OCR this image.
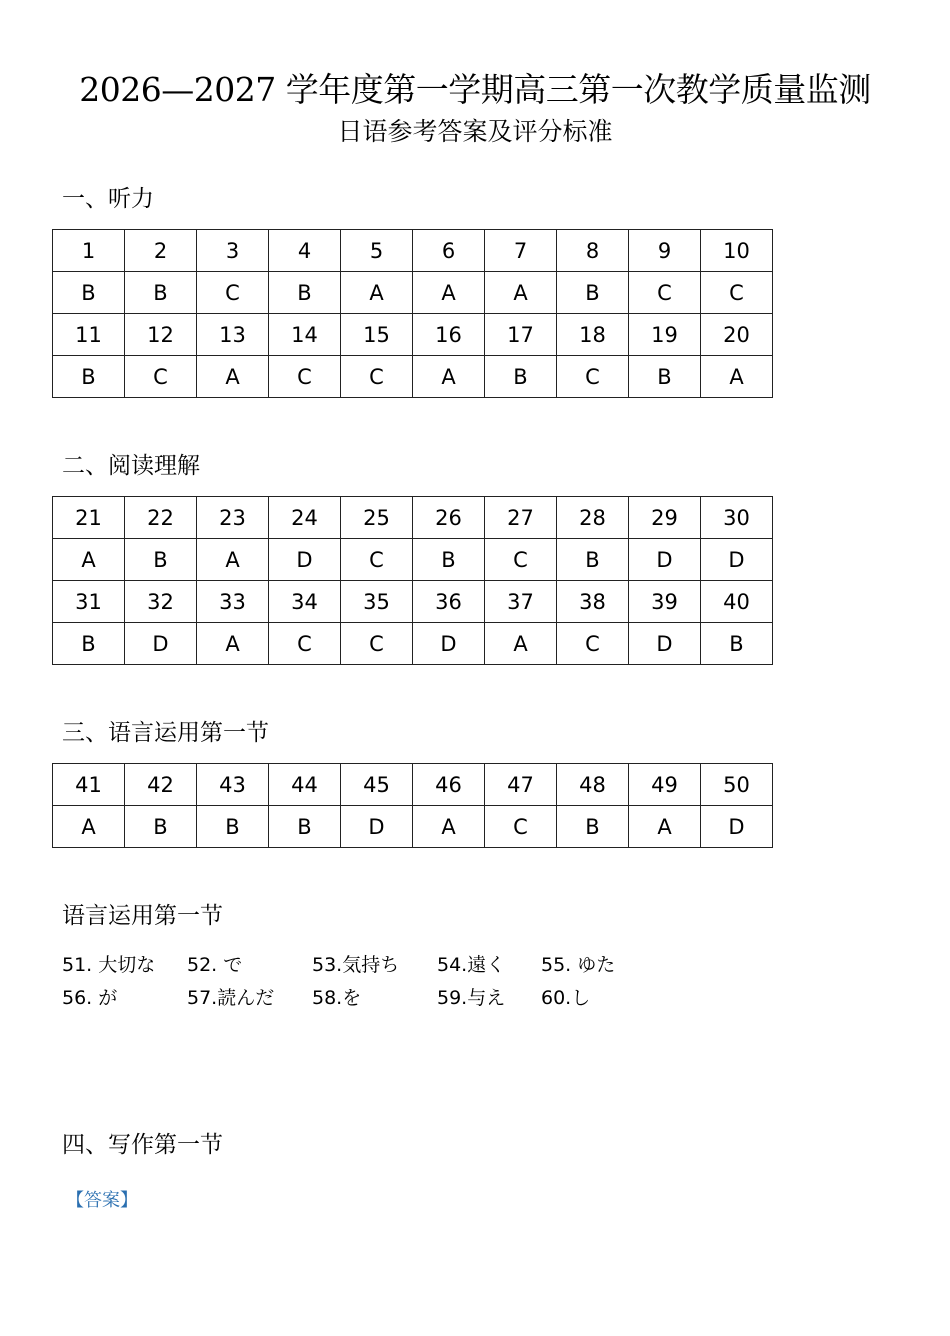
2026—2027 学年度第一学期高三第一次教学质量监测
日语参考答案及评分标准
一、听力
1	2	3	4	5	6	7	8	9	10
B	B	C	B	A	A	A	B	C	C
11	12	13	14	15	16	17	18	19	20
B	C	A	C	C	A	B	C	B	A
二、阅读理解
21	22	23	24	25	26	27	28	29	30
A	B	A	D	C	B	C	B	D	D
31	32	33	34	35	36	37	38	39	40
B	D	A	C	C	D	A	C	D	B
三、语言运用第一节
41	42	43	44	45	46	47	48	49	50
A	B	B	B	D	A	C	B	A	D
语言运用第一节
51. 大切な 52. で	53.気持ち 54.遠く 55. ゆた
56. が	57.読んだ 58.を	59.与え 60.し
四、写作第一节
【答案】
